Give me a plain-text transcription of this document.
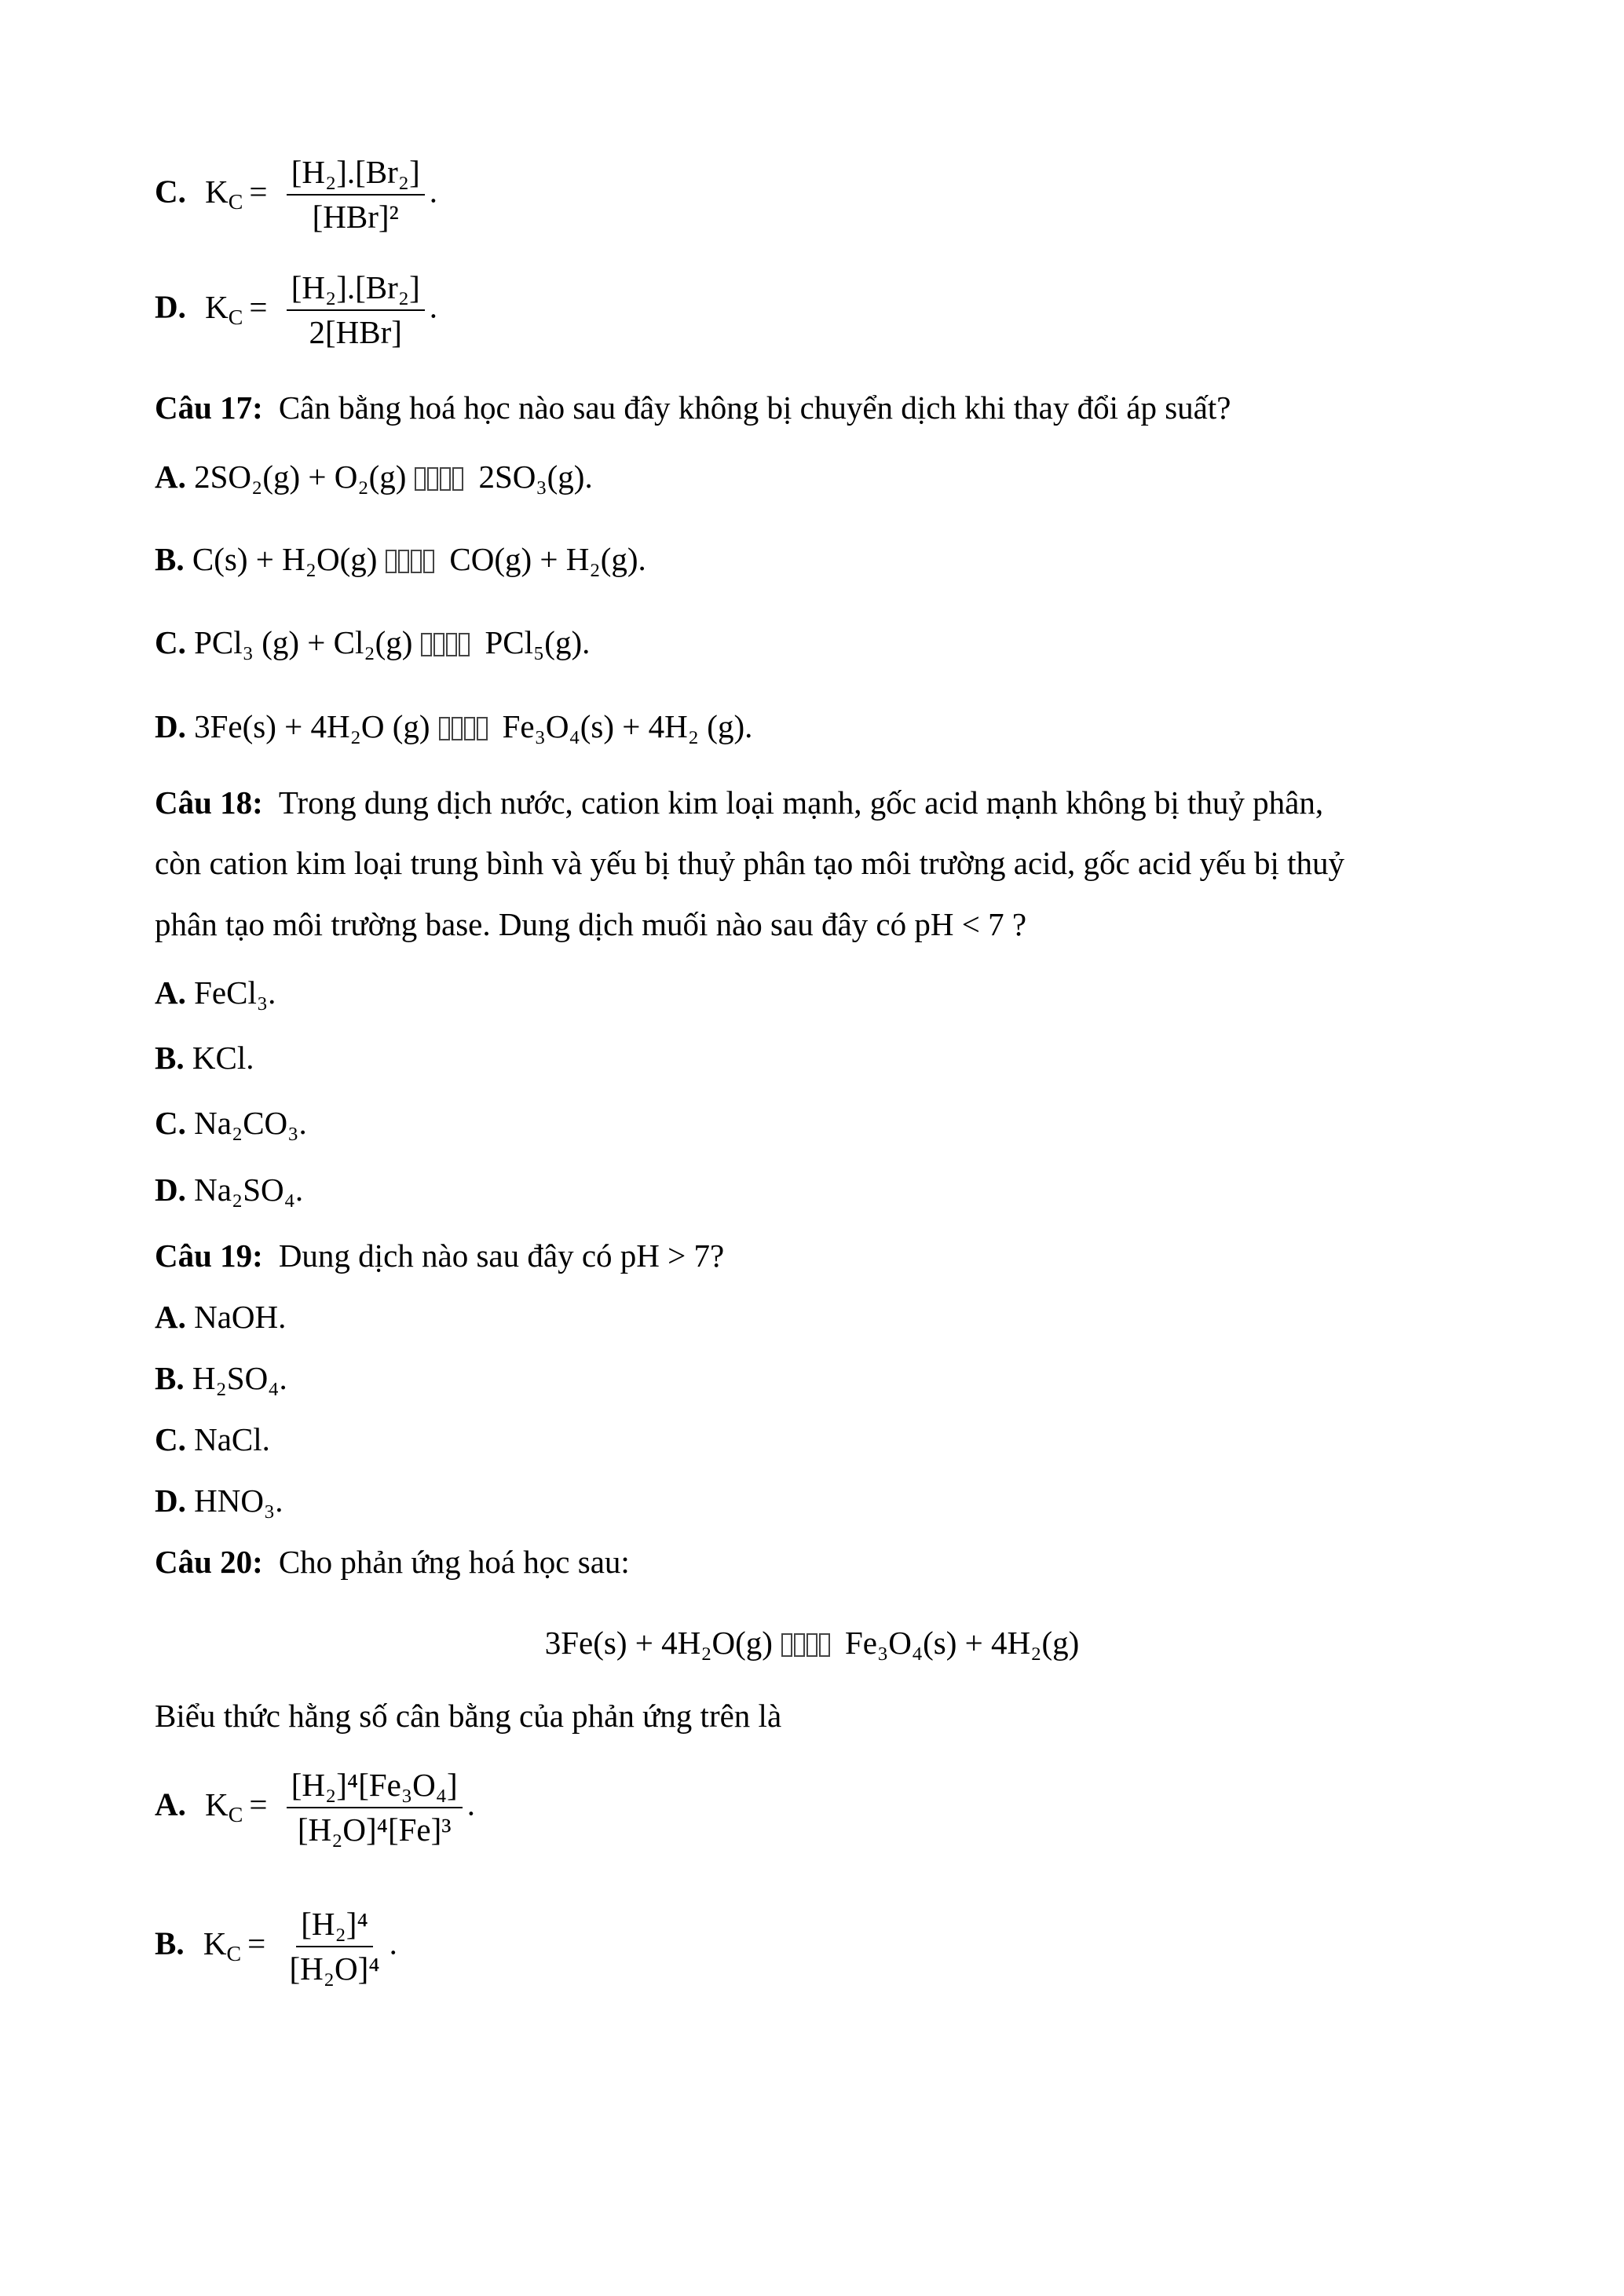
C. $K_C = \frac{\text{[H₂].[Br₂]}}{\text{[HBr]²}}$ .
D. $K_C = \frac{\text{[H₂].[Br₂]}}{\text{2[HBr]}}$ .
Câu 17: Cân bằng hoá học nào sau đây không bị chuyển dịch khi thay đổi áp suất?
A. 2SO₂(g) + O₂(g) 2SO₃(g).
B. C(s) + H₂O(g) CO(g) + H₂(g).
C. PCl₃ (g) + Cl₂(g) PCl₅(g).
D. 3Fe(s) + 4H₂O (g) Fe₃O₄(s) + 4H₂ (g).
Câu 18: Trong dung dịch nước, cation kim loại mạnh, gốc acid mạnh không bị thuỷ phân,
còn cation kim loại trung bình và yếu bị thuỷ phân tạo môi trường acid, gốc acid yếu bị thuỷ
phân tạo môi trường base. Dung dịch muối nào sau đây có pH < 7 ?
A. FeCl₃.
B. KCl.
C. Na₂CO₃.
D. Na₂SO₄.
Câu 19: Dung dịch nào sau đây có pH > 7?
A. NaOH.
B. H₂SO₄.
C. NaCl.
D. HNO₃.
Câu 20: Cho phản ứng hoá học sau:
3Fe(s) + 4H₂O(g) Fe₃O₄(s) + 4H₂(g)
Biểu thức hằng số cân bằng của phản ứng trên là
A. $K_C = \frac{\text{[H₂]⁴[Fe₃O₄]}}{\text{[H₂O]⁴[Fe]³}}$ .
B. $K_C = \frac{\text{[H₂]⁴}}{\text{[H₂O]⁴}}$ .
